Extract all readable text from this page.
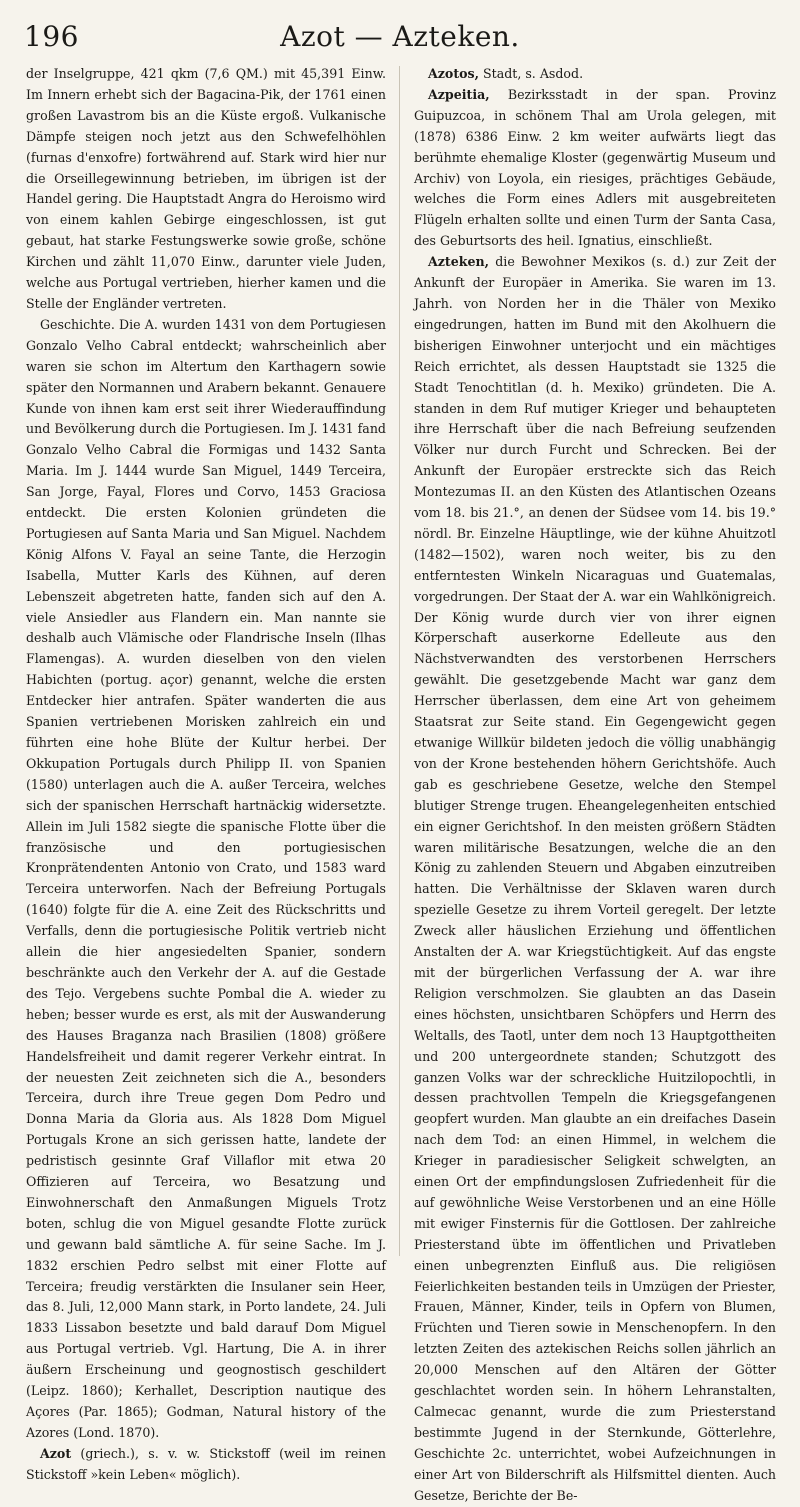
196	Azot — Azteken.

der Inselgruppe, 421 qkm (7,6 QM.) mit 45,391 Einw. Im Innern erhebt sich der Bagacina-Pik, der 1761 einen großen Lavastrom bis an die Küste ergoß. Vulkanische Dämpfe steigen noch jetzt aus den Schwefelhöhlen (furnas d'enxofre) fortwährend auf. Stark wird hier nur die Orseillegewinnung betrieben, im übrigen ist der Handel gering. Die Hauptstadt Angra do Heroismo wird von einem kahlen Gebirge eingeschlossen, ist gut gebaut, hat starke Festungswerke sowie große, schöne Kirchen und zählt 11,070 Einw., darunter viele Juden, welche aus Portugal vertrieben, hierher kamen und die Stelle der Engländer vertreten.

Geschichte. Die A. wurden 1431 von dem Portugiesen Gonzalo Velho Cabral entdeckt; wahrscheinlich aber waren sie schon im Altertum den Karthagern sowie später den Normannen und Arabern bekannt. Genauere Kunde von ihnen kam erst seit ihrer Wiederauffindung und Bevölkerung durch die Portugiesen. Im J. 1431 fand Gonzalo Velho Cabral die Formigas und 1432 Santa Maria. Im J. 1444 wurde San Miguel, 1449 Terceira, San Jorge, Fayal, Flores und Corvo, 1453 Graciosa entdeckt. Die ersten Kolonien gründeten die Portugiesen auf Santa Maria und San Miguel. Nachdem König Alfons V. Fayal an seine Tante, die Herzogin Isabella, Mutter Karls des Kühnen, auf deren Lebenszeit abgetreten hatte, fanden sich auf den A. viele Ansiedler aus Flandern ein. Man nannte sie deshalb auch Vlämische oder Flandrische Inseln (Ilhas Flamengas). A. wurden dieselben von den vielen Habichten (portug. açor) genannt, welche die ersten Entdecker hier antrafen. Später wanderten die aus Spanien vertriebenen Morisken zahlreich ein und führten eine hohe Blüte der Kultur herbei. Der Okkupation Portugals durch Philipp II. von Spanien (1580) unterlagen auch die A. außer Terceira, welches sich der spanischen Herrschaft hartnäckig widersetzte. Allein im Juli 1582 siegte die spanische Flotte über die französische und den portugiesischen Kronprätendenten Antonio von Crato, und 1583 ward Terceira unterworfen. Nach der Befreiung Portugals (1640) folgte für die A. eine Zeit des Rückschritts und Verfalls, denn die portugiesische Politik vertrieb nicht allein die hier angesiedelten Spanier, sondern beschränkte auch den Verkehr der A. auf die Gestade des Tejo. Vergebens suchte Pombal die A. wieder zu heben; besser wurde es erst, als mit der Auswanderung des Hauses Braganza nach Brasilien (1808) größere Handelsfreiheit und damit regerer Verkehr eintrat. In der neuesten Zeit zeichneten sich die A., besonders Terceira, durch ihre Treue gegen Dom Pedro und Donna Maria da Gloria aus. Als 1828 Dom Miguel Portugals Krone an sich gerissen hatte, landete der pedristisch gesinnte Graf Villaflor mit etwa 20 Offizieren auf Terceira, wo Besatzung und Einwohnerschaft den Anmaßungen Miguels Trotz boten, schlug die von Miguel gesandte Flotte zurück und gewann bald sämtliche A. für seine Sache. Im J. 1832 erschien Pedro selbst mit einer Flotte auf Terceira; freudig verstärkten die Insulaner sein Heer, das 8. Juli, 12,000 Mann stark, in Porto landete, 24. Juli 1833 Lissabon besetzte und bald darauf Dom Miguel aus Portugal vertrieb. Vgl. Hartung, Die A. in ihrer äußern Erscheinung und geognostisch geschildert (Leipz. 1860); Kerhallet, Description nautique des Açores (Par. 1865); Godman, Natural history of the Azores (Lond. 1870).

Azot (griech.), s. v. w. Stickstoff (weil im reinen Stickstoff »kein Leben« möglich).

Azotos, Stadt, s. Asdod.

Azpeitia, Bezirksstadt in der span. Provinz Guipuzcoa, in schönem Thal am Urola gelegen, mit (1878) 6386 Einw. 2 km weiter aufwärts liegt das berühmte ehemalige Kloster (gegenwärtig Museum und Archiv) von Loyola, ein riesiges, prächtiges Gebäude, welches die Form eines Adlers mit ausgebreiteten Flügeln erhalten sollte und einen Turm der Santa Casa, des Geburtsorts des heil. Ignatius, einschließt.

Azteken, die Bewohner Mexikos (s. d.) zur Zeit der Ankunft der Europäer in Amerika. Sie waren im 13. Jahrh. von Norden her in die Thäler von Mexiko eingedrungen, hatten im Bund mit den Akolhuern die bisherigen Einwohner unterjocht und ein mächtiges Reich errichtet, als dessen Hauptstadt sie 1325 die Stadt Tenochtitlan (d. h. Mexiko) gründeten. Die A. standen in dem Ruf mutiger Krieger und behaupteten ihre Herrschaft über die nach Befreiung seufzenden Völker nur durch Furcht und Schrecken. Bei der Ankunft der Europäer erstreckte sich das Reich Montezumas II. an den Küsten des Atlantischen Ozeans vom 18. bis 21.°, an denen der Südsee vom 14. bis 19.° nördl. Br. Einzelne Häuptlinge, wie der kühne Ahuitzotl (1482—1502), waren noch weiter, bis zu den entferntesten Winkeln Nicaraguas und Guatemalas, vorgedrungen. Der Staat der A. war ein Wahlkönigreich. Der König wurde durch vier von ihrer eignen Körperschaft auserkorne Edelleute aus den Nächstverwandten des verstorbenen Herrschers gewählt. Die gesetzgebende Macht war ganz dem Herrscher überlassen, dem eine Art von geheimem Staatsrat zur Seite stand. Ein Gegengewicht gegen etwanige Willkür bildeten jedoch die völlig unabhängig von der Krone bestehenden höhern Gerichtshöfe. Auch gab es geschriebene Gesetze, welche den Stempel blutiger Strenge trugen. Eheangelegenheiten entschied ein eigner Gerichtshof. In den meisten größern Städten waren militärische Besatzungen, welche die an den König zu zahlenden Steuern und Abgaben einzutreiben hatten. Die Verhältnisse der Sklaven waren durch spezielle Gesetze zu ihrem Vorteil geregelt. Der letzte Zweck aller häuslichen Erziehung und öffentlichen Anstalten der A. war Kriegstüchtigkeit. Auf das engste mit der bürgerlichen Verfassung der A. war ihre Religion verschmolzen. Sie glaubten an das Dasein eines höchsten, unsichtbaren Schöpfers und Herrn des Weltalls, des Taotl, unter dem noch 13 Hauptgottheiten und 200 untergeordnete standen; Schutzgott des ganzen Volks war der schreckliche Huitzilopochtli, in dessen prachtvollen Tempeln die Kriegsgefangenen geopfert wurden. Man glaubte an ein dreifaches Dasein nach dem Tod: an einen Himmel, in welchem die Krieger in paradiesischer Seligkeit schwelgten, an einen Ort der empfindungslosen Zufriedenheit für die auf gewöhnliche Weise Verstorbenen und an eine Hölle mit ewiger Finsternis für die Gottlosen. Der zahlreiche Priesterstand übte im öffentlichen und Privatleben einen unbegrenzten Einfluß aus. Die religiösen Feierlichkeiten bestanden teils in Umzügen der Priester, Frauen, Männer, Kinder, teils in Opfern von Blumen, Früchten und Tieren sowie in Menschenopfern. In den letzten Zeiten des aztekischen Reichs sollen jährlich an 20,000 Menschen auf den Altären der Götter geschlachtet worden sein. In höhern Lehranstalten, Calmecac genannt, wurde die zum Priesterstand bestimmte Jugend in der Sternkunde, Götterlehre, Geschichte 2c. unterrichtet, wobei Aufzeichnungen in einer Art von Bilderschrift als Hilfsmittel dienten. Auch Gesetze, Berichte der Be-
